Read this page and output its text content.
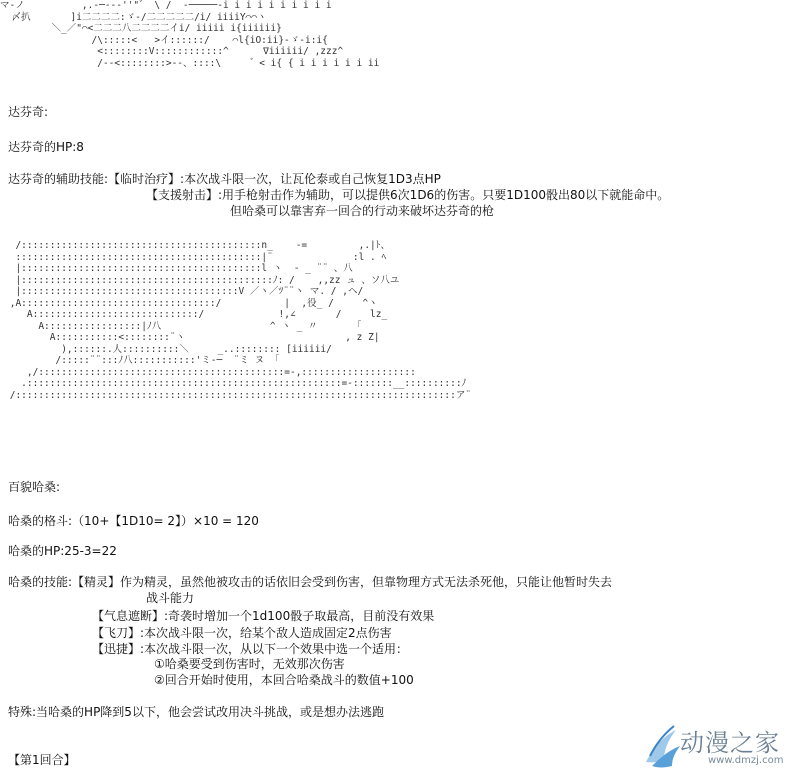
マ‐ノ          ,.-─--‐''"゛ \ /  ‐─────‐i i i i i i i i i i
〆扒       ]i二二二二:ゞ‐/二二二二二/i/ iiiiY⌒⌒ヽ
＼_／"⌒<二二二八二二二二イi/ iiiii i{iiiiii}
/\:::::<   >イ::::::/    ⌒l{iO:ii}-ゞ-i:i{
<::::::::V::::::::::::^      ∇iiiiii/ ,zzz^
/‐‐<::::::::>‐‐、::::\     ゛< i{ { i i i i i i ii
达芬奇:
达芬奇的HP:8
达芬奇的辅助技能:【临时治疗】:本次战斗限一次，让瓦伦泰或自己恢复1D3点HP
【支援射击】:用手枪射击作为辅助，可以提供6次1D6的伤害。只要1D100骰出80以下就能命中。
但哈桑可以靠害弃一回合的行动来破坏达芬奇的枪
/::::::::::::::::::::::::::::::::::::::::::n_    -=         ,.|ﾄ、
:::::::::::::::::::::::::::::::::::::::::::|¨              :l . ﾍ
|::::::::::::::::::::::::::::::::::::::::::l ヽ  ‐ _ ¨¨ 、八
|::::::::::::::::::::::::::::::::::::::::::::ﾉ: /    ,,zz ュ 、ソ八ユ
|::::::::::::::::::::::::::::::::::::::V ／ヽ／ﾂ¨¨ヽ マ. / ,ヘ/
,A::::::::::::::::::::::::::::::::::/           |  ,役_ /     ^ヽ
A:::::::::::::::::::::::::::::/             !,∠       /     lz_
A:::::::::::::::::|ﾉ八                   ^ ヽ _ 〃      「
A:::::::::::<::::::::¨ヽ                            , z Z|
),::::::.人::::::::::＼     _..:::::::: [iiiiii/
/:::::¨¨:::ﾉ八:::::::::::'ミ‐─  ¨ミ ヌ 「
,/:::::::::::::::::::::::::::::::::::::::::::=-,::::::::::::::::::::
.:::::::::::::::::::::::::::::::::::::::::::::::::::::::=-:::::::__::::::::::ﾉ
/:::::::::::::::::::::::::::::::::::::::::::::::::::::::::::::::::::::::::::::ア¨
百貌哈桑:
哈桑的格斗:（10+【1D10= 2】）×10 = 120
哈桑的HP:25-3=22
哈桑的技能:【精灵】作为精灵，虽然他被攻击的话依旧会受到伤害，但靠物理方式无法杀死他，只能让他暂时失去
战斗能力
【气息遮断】:奇袭时增加一个1d100骰子取最高，目前没有效果
【飞刀】:本次战斗限一次，给某个敌人造成固定2点伤害
【迅捷】:本次战斗限一次，从以下一个效果中选一个适用：
①哈桑要受到伤害时，无效那次伤害
②回合开始时使用，本回合哈桑战斗的数值+100
特殊:当哈桑的HP降到5以下，他会尝试改用决斗挑战，或是想办法逃跑
【第1回合】
动漫之家
www.dmzj.com
